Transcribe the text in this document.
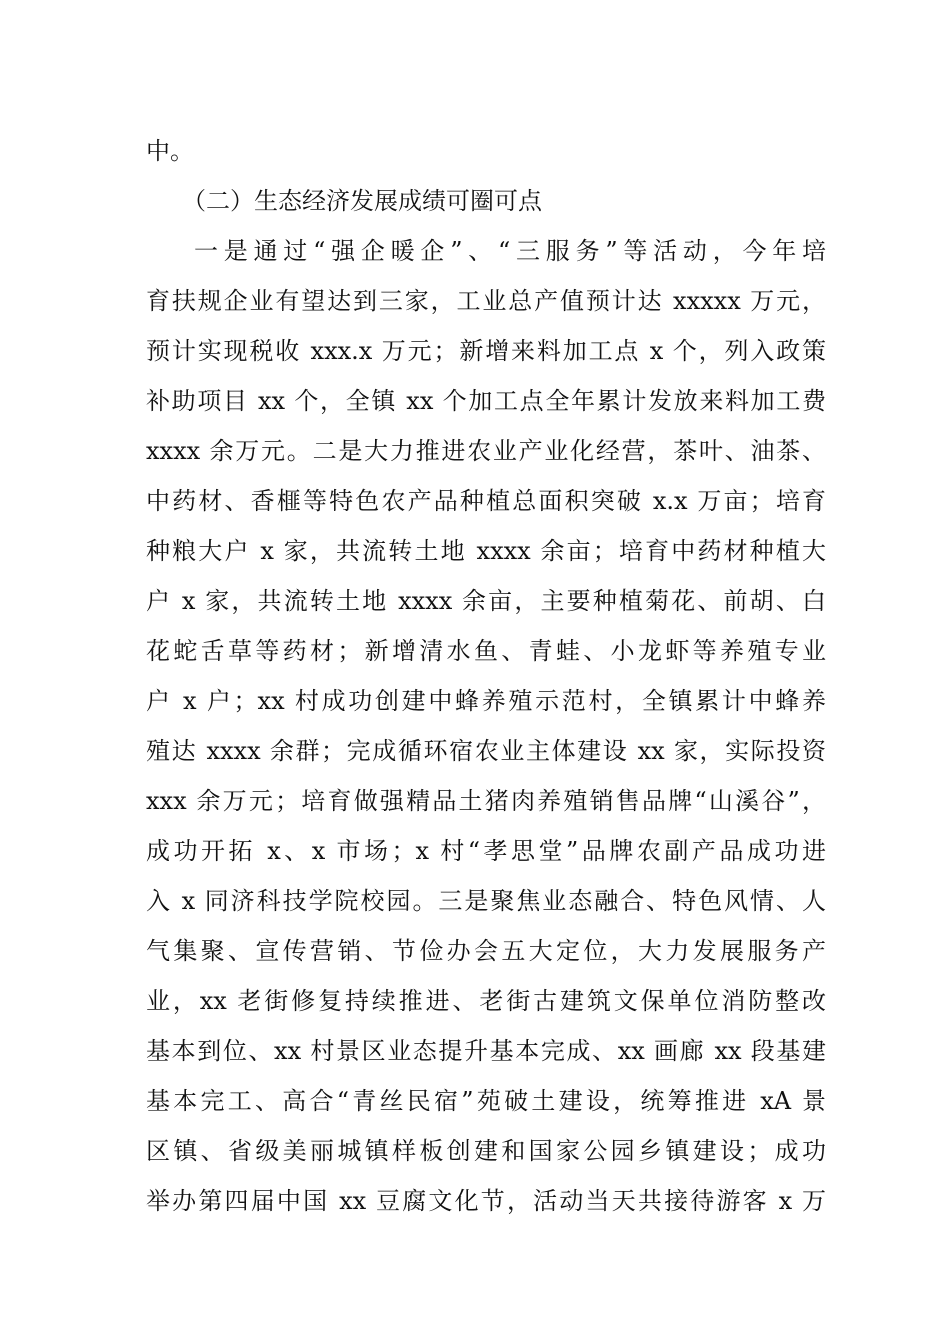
中。
（二）生态经济发展成绩可圈可点
一是通过“强企暖企”、“三服务”等活动，今年培
育扶规企业有望达到三家，工业总产值预计达 xxxxx 万元，
预计实现税收 xxx.x 万元；新增来料加工点 x 个，列入政策
补助项目 xx 个，全镇 xx 个加工点全年累计发放来料加工费
xxxx 余万元。二是大力推进农业产业化经营，茶叶、油茶、
中药材、香榧等特色农产品种植总面积突破 x.x 万亩；培育
种粮大户 x 家，共流转土地 xxxx 余亩；培育中药材种植大
户 x 家，共流转土地 xxxx 余亩，主要种植菊花、前胡、白
花蛇舌草等药材；新增清水鱼、青蛙、小龙虾等养殖专业
户 x 户；xx 村成功创建中蜂养殖示范村，全镇累计中蜂养
殖达 xxxx 余群；完成循环宿农业主体建设 xx 家，实际投资
xxx 余万元；培育做强精品土猪肉养殖销售品牌“山溪谷”，
成功开拓 x、x 市场；x 村“孝思堂”品牌农副产品成功进
入 x 同济科技学院校园。三是聚焦业态融合、特色风情、人
气集聚、宣传营销、节俭办会五大定位，大力发展服务产
业，xx 老街修复持续推进、老街古建筑文保单位消防整改
基本到位、xx 村景区业态提升基本完成、xx 画廊 xx 段基建
基本完工、高合“青丝民宿”苑破土建设，统筹推进 xA 景
区镇、省级美丽城镇样板创建和国家公园乡镇建设；成功
举办第四届中国 xx 豆腐文化节，活动当天共接待游客 x 万
